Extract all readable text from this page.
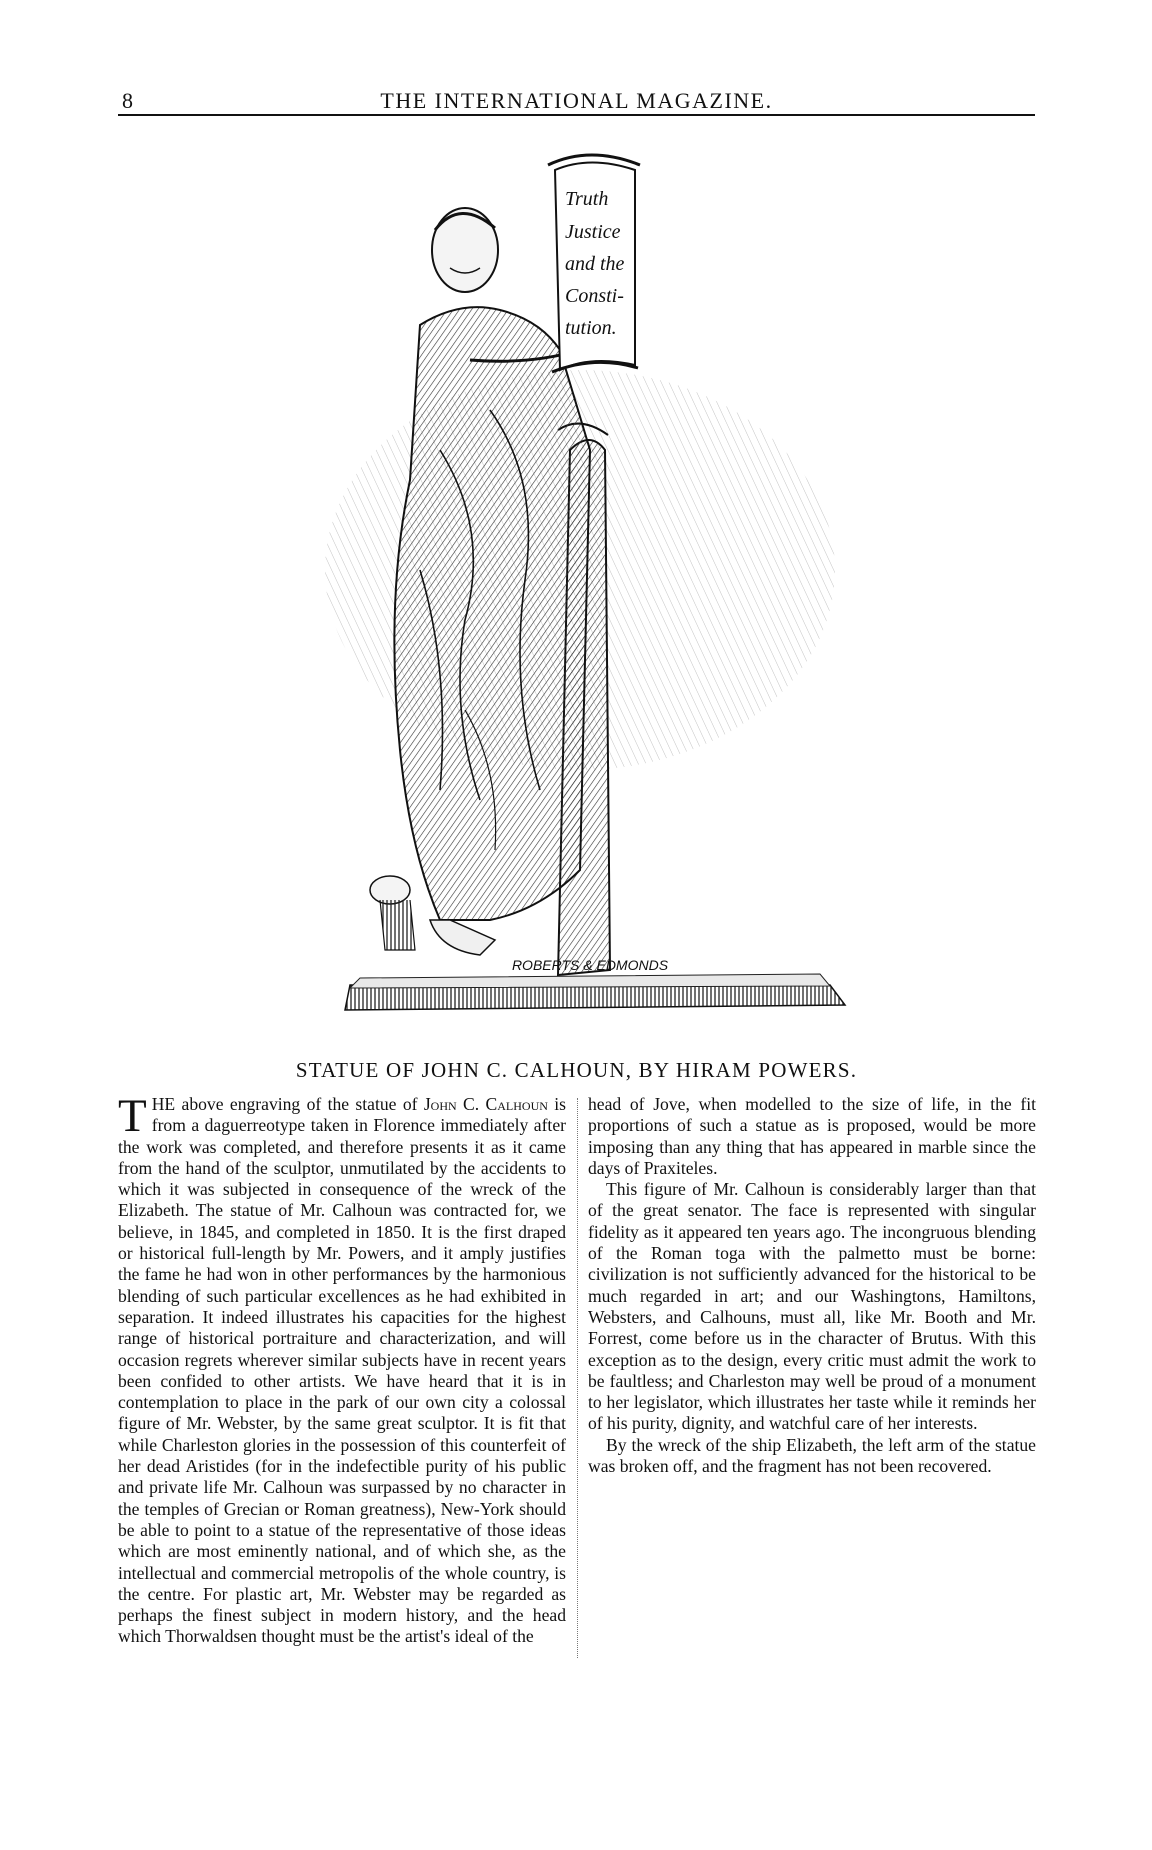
8	THE INTERNATIONAL MAGAZINE.
Truth
Justice
and the
Consti-
tution.
ROBERTS & EDMONDS
STATUE OF JOHN C. CALHOUN, BY HIRAM POWERS.

THE above engraving of the statue of John C. Calhoun is from a daguerreotype taken in Florence immediately after the work was completed, and therefore presents it as it came from the hand of the sculptor, unmutilated by the accidents to which it was subjected in consequence of the wreck of the Elizabeth. The statue of Mr. Calhoun was contracted for, we believe, in 1845, and completed in 1850. It is the first draped or historical full-length by Mr. Powers, and it amply justifies the fame he had won in other performances by the harmonious blending of such particular excellences as he had exhibited in separation. It indeed illustrates his capacities for the highest range of historical portraiture and characterization, and will occasion regrets wherever similar subjects have in recent years been confided to other artists. We have heard that it is in contemplation to place in the park of our own city a colossal figure of Mr. Webster, by the same great sculptor. It is fit that while Charleston glories in the possession of this counterfeit of her dead Aristides (for in the indefectible purity of his public and private life Mr. Calhoun was surpassed by no character in the temples of Grecian or Roman greatness), New-York should be able to point to a statue of the representative of those ideas which are most eminently national, and of which she, as the intellectual and commercial metropolis of the whole country, is the centre. For plastic art, Mr. Webster may be regarded as perhaps the finest subject in modern history, and the head which Thorwaldsen thought must be the artist's ideal of the

head of Jove, when modelled to the size of life, in the fit proportions of such a statue as is proposed, would be more imposing than any thing that has appeared in marble since the days of Praxiteles.

This figure of Mr. Calhoun is considerably larger than that of the great senator. The face is represented with singular fidelity as it appeared ten years ago. The incongruous blending of the Roman toga with the palmetto must be borne: civilization is not sufficiently advanced for the historical to be much regarded in art; and our Washingtons, Hamiltons, Websters, and Calhouns, must all, like Mr. Booth and Mr. Forrest, come before us in the character of Brutus. With this exception as to the design, every critic must admit the work to be faultless; and Charleston may well be proud of a monument to her legislator, which illustrates her taste while it reminds her of his purity, dignity, and watchful care of her interests.

By the wreck of the ship Elizabeth, the left arm of the statue was broken off, and the fragment has not been recovered.
